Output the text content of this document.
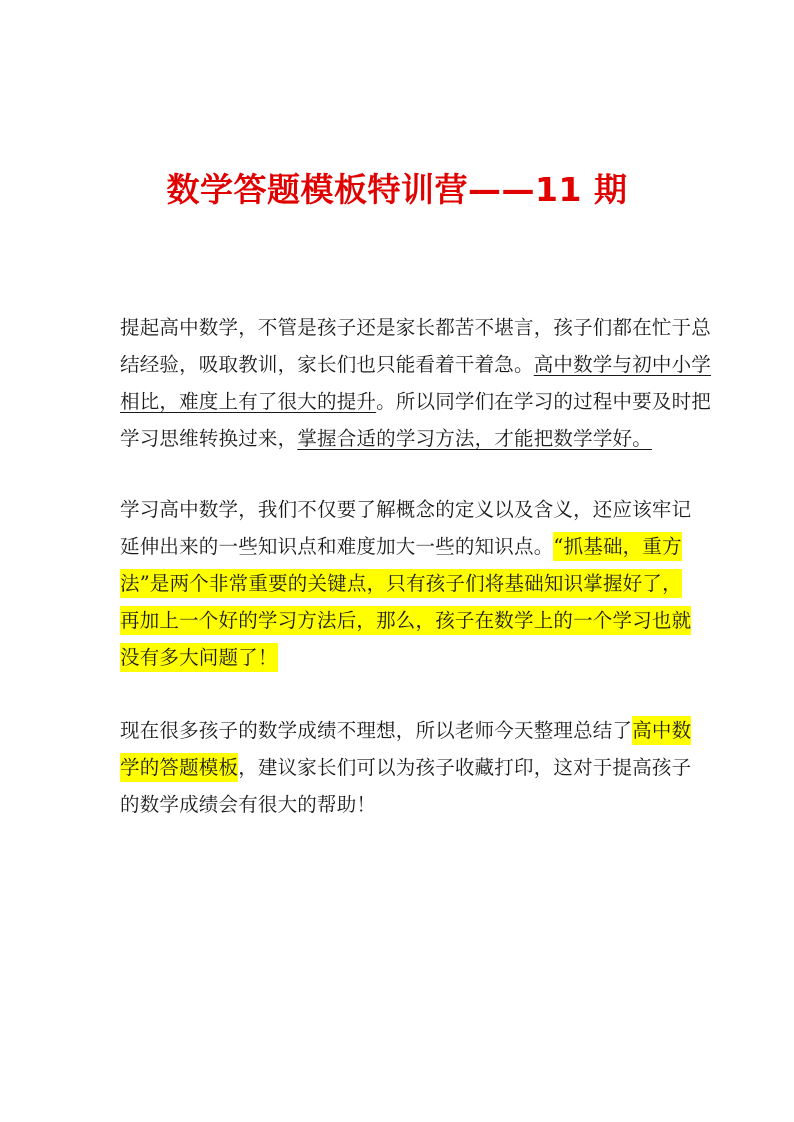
数学答题模板特训营——11 期
提起高中数学，不管是孩子还是家长都苦不堪言，孩子们都在忙于总
结经验，吸取教训，家长们也只能看着干着急。高中数学与初中小学
相比，难度上有了很大的提升。所以同学们在学习的过程中要及时把
学习思维转换过来，掌握合适的学习方法，才能把数学学好。
学习高中数学，我们不仅要了解概念的定义以及含义，还应该牢记
延伸出来的一些知识点和难度加大一些的知识点。“抓基础，重方
法”是两个非常重要的关键点，只有孩子们将基础知识掌握好了，
再加上一个好的学习方法后，那么，孩子在数学上的一个学习也就
没有多大问题了！
现在很多孩子的数学成绩不理想，所以老师今天整理总结了高中数
学的答题模板，建议家长们可以为孩子收藏打印，这对于提高孩子
的数学成绩会有很大的帮助！
